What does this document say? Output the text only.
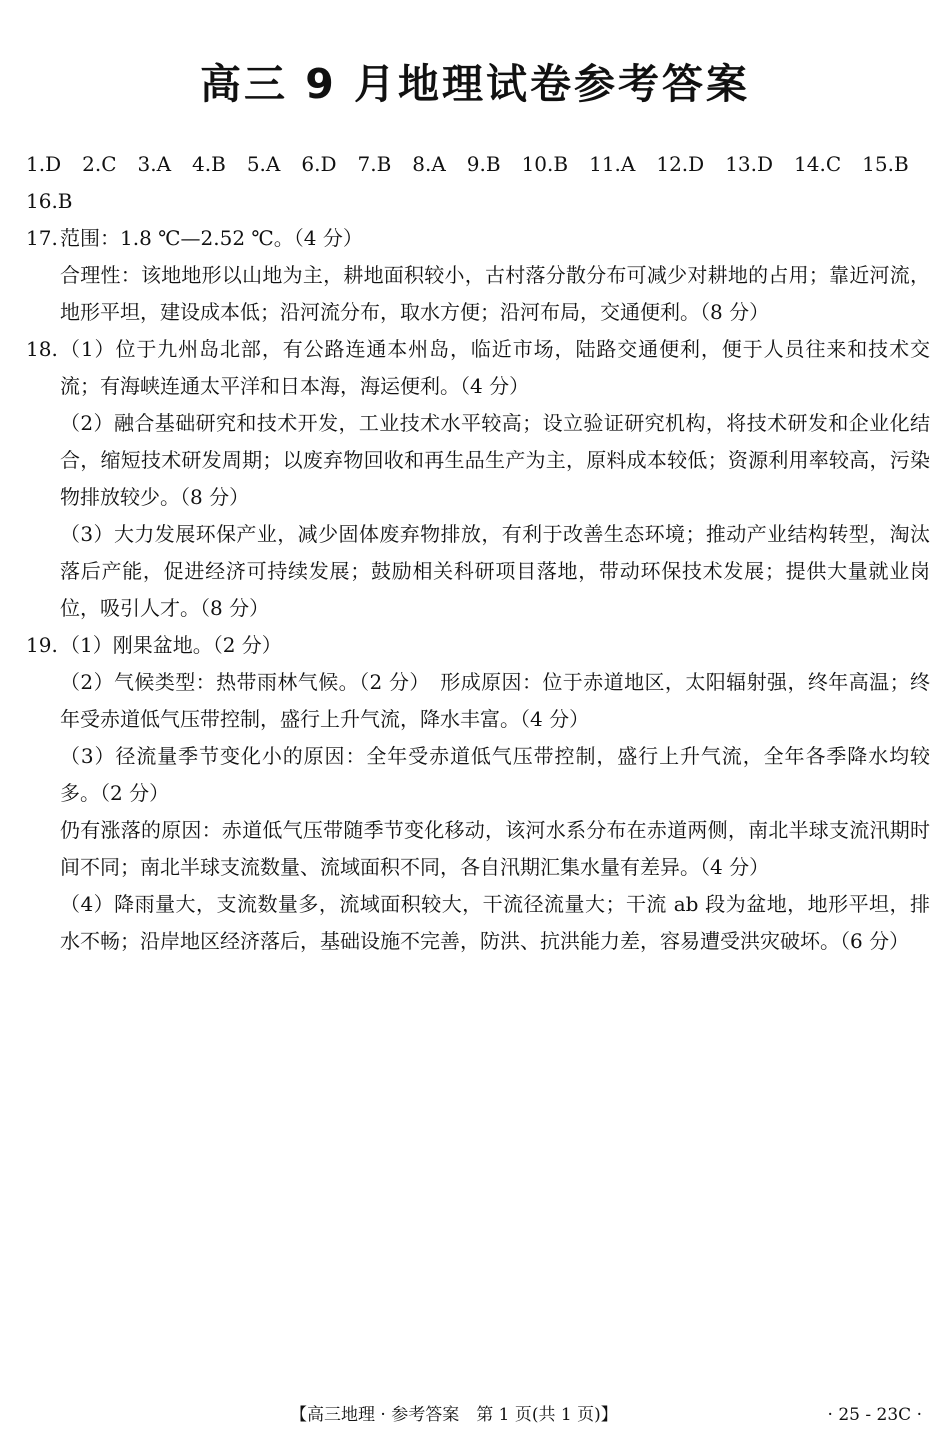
高三 9 月地理试卷参考答案
1.D 2.C 3.A 4.B 5.A 6.D 7.B 8.A 9.B 10.B 11.A 12.D 13.D 14.C 15.B
16.B
17. 范围：1.8 ℃—2.52 ℃。（4 分）

合理性：该地地形以山地为主，耕地面积较小，古村落分散分布可减少对耕地的占用；靠近河流，地形平坦，建设成本低；沿河流分布，取水方便；沿河布局，交通便利。（8 分）

18. （1）位于九州岛北部，有公路连通本州岛，临近市场，陆路交通便利，便于人员往来和技术交流；有海峡连通太平洋和日本海，海运便利。（4 分）

（2）融合基础研究和技术开发，工业技术水平较高；设立验证研究机构，将技术研发和企业化结合，缩短技术研发周期；以废弃物回收和再生品生产为主，原料成本较低；资源利用率较高，污染物排放较少。（8 分）

（3）大力发展环保产业，减少固体废弃物排放，有利于改善生态环境；推动产业结构转型，淘汰落后产能，促进经济可持续发展；鼓励相关科研项目落地，带动环保技术发展；提供大量就业岗位，吸引人才。（8 分）

19. （1）刚果盆地。（2 分）

（2）气候类型：热带雨林气候。（2 分）　形成原因：位于赤道地区，太阳辐射强，终年高温；终年受赤道低气压带控制，盛行上升气流，降水丰富。（4 分）

（3）径流量季节变化小的原因：全年受赤道低气压带控制，盛行上升气流，全年各季降水均较多。（2 分）

仍有涨落的原因：赤道低气压带随季节变化移动，该河水系分布在赤道两侧，南北半球支流汛期时间不同；南北半球支流数量、流域面积不同，各自汛期汇集水量有差异。（4 分）

（4）降雨量大，支流数量多，流域面积较大，干流径流量大；干流 ab 段为盆地，地形平坦，排水不畅；沿岸地区经济落后，基础设施不完善，防洪、抗洪能力差，容易遭受洪灾破坏。（6 分）

【高三地理 · 参考答案　第 1 页(共 1 页)】	· 25 - 23C ·
